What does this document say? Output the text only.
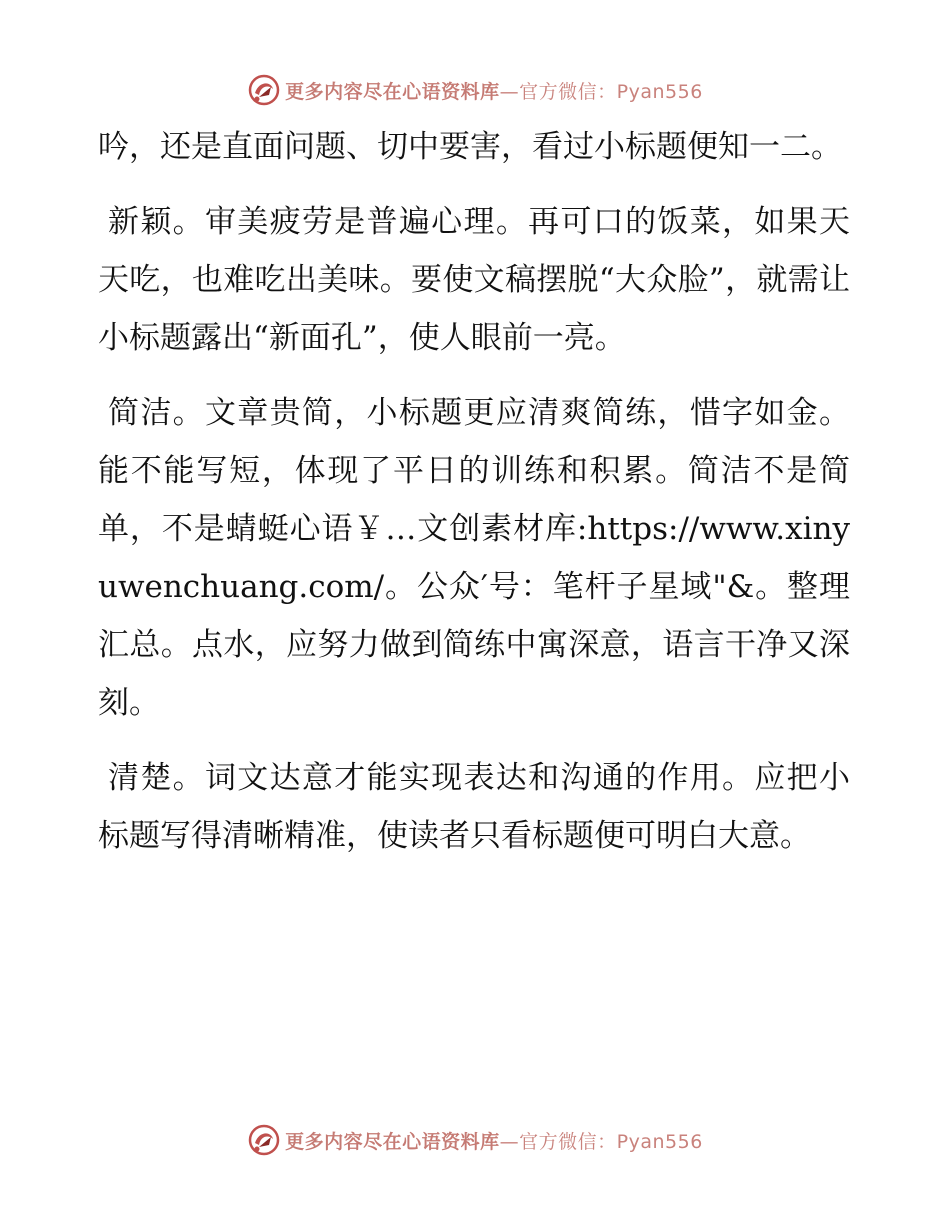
更多内容尽在心语资料库—官方微信：Pyan556

吟，还是直面问题、切中要害，看过小标题便知一二。

新颖。审美疲劳是普遍心理。再可口的饭菜，如果天天吃，也难吃出美味。要使文稿摆脱“大众脸”，就需让小标题露出“新面孔”，使人眼前一亮。

简洁。文章贵简，小标题更应清爽简练，惜字如金。能不能写短，体现了平日的训练和积累。简洁不是简单，不是蜻蜓心语￥…文创素材库:https://www.xinyuwenchuang.com/。公众′号：笔杆子星域"&。整理汇总。点水，应努力做到简练中寓深意，语言干净又深刻。

清楚。词文达意才能实现表达和沟通的作用。应把小标题写得清晰精准，使读者只看标题便可明白大意。

更多内容尽在心语资料库—官方微信：Pyan556
